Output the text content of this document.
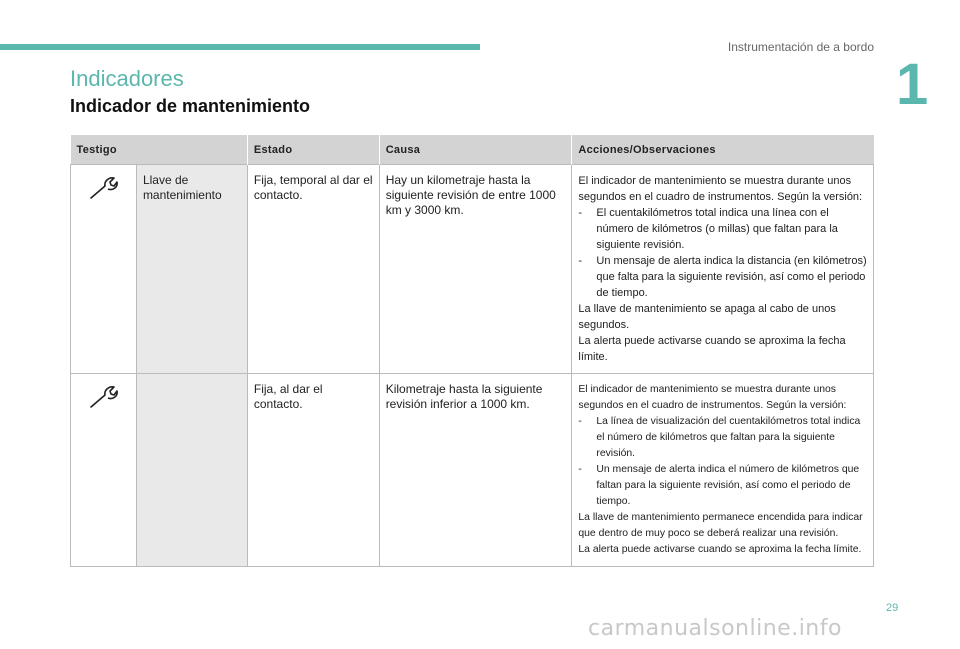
Instrumentación de a bordo
1
Indicadores
Indicador de mantenimiento
Testigo		Estado	Causa	Acciones/Observaciones
	Llave de mantenimiento	Fija, temporal al dar el contacto.	Hay un kilometraje hasta la siguiente revisión de entre 1000 km y 3000 km.	El indicador de mantenimiento se muestra durante unos segundos en el cuadro de instrumentos. Según la versión:
- El cuentakilómetros total indica una línea con el número de kilómetros (o millas) que faltan para la siguiente revisión.
- Un mensaje de alerta indica la distancia (en kilómetros) que falta para la siguiente revisión, así como el periodo de tiempo.
La llave de mantenimiento se apaga al cabo de unos segundos.
La alerta puede activarse cuando se aproxima la fecha límite.

		Fija, al dar el contacto.	Kilometraje hasta la siguiente revisión inferior a 1000 km.	El indicador de mantenimiento se muestra durante unos segundos en el cuadro de instrumentos. Según la versión:
- La línea de visualización del cuentakilómetros total indica el número de kilómetros que faltan para la siguiente revisión.
- Un mensaje de alerta indica el número de kilómetros que faltan para la siguiente revisión, así como el periodo de tiempo.
La llave de mantenimiento permanece encendida para indicar que dentro de muy poco se deberá realizar una revisión.
La alerta puede activarse cuando se aproxima la fecha límite.
29
carmanualsonline.info
